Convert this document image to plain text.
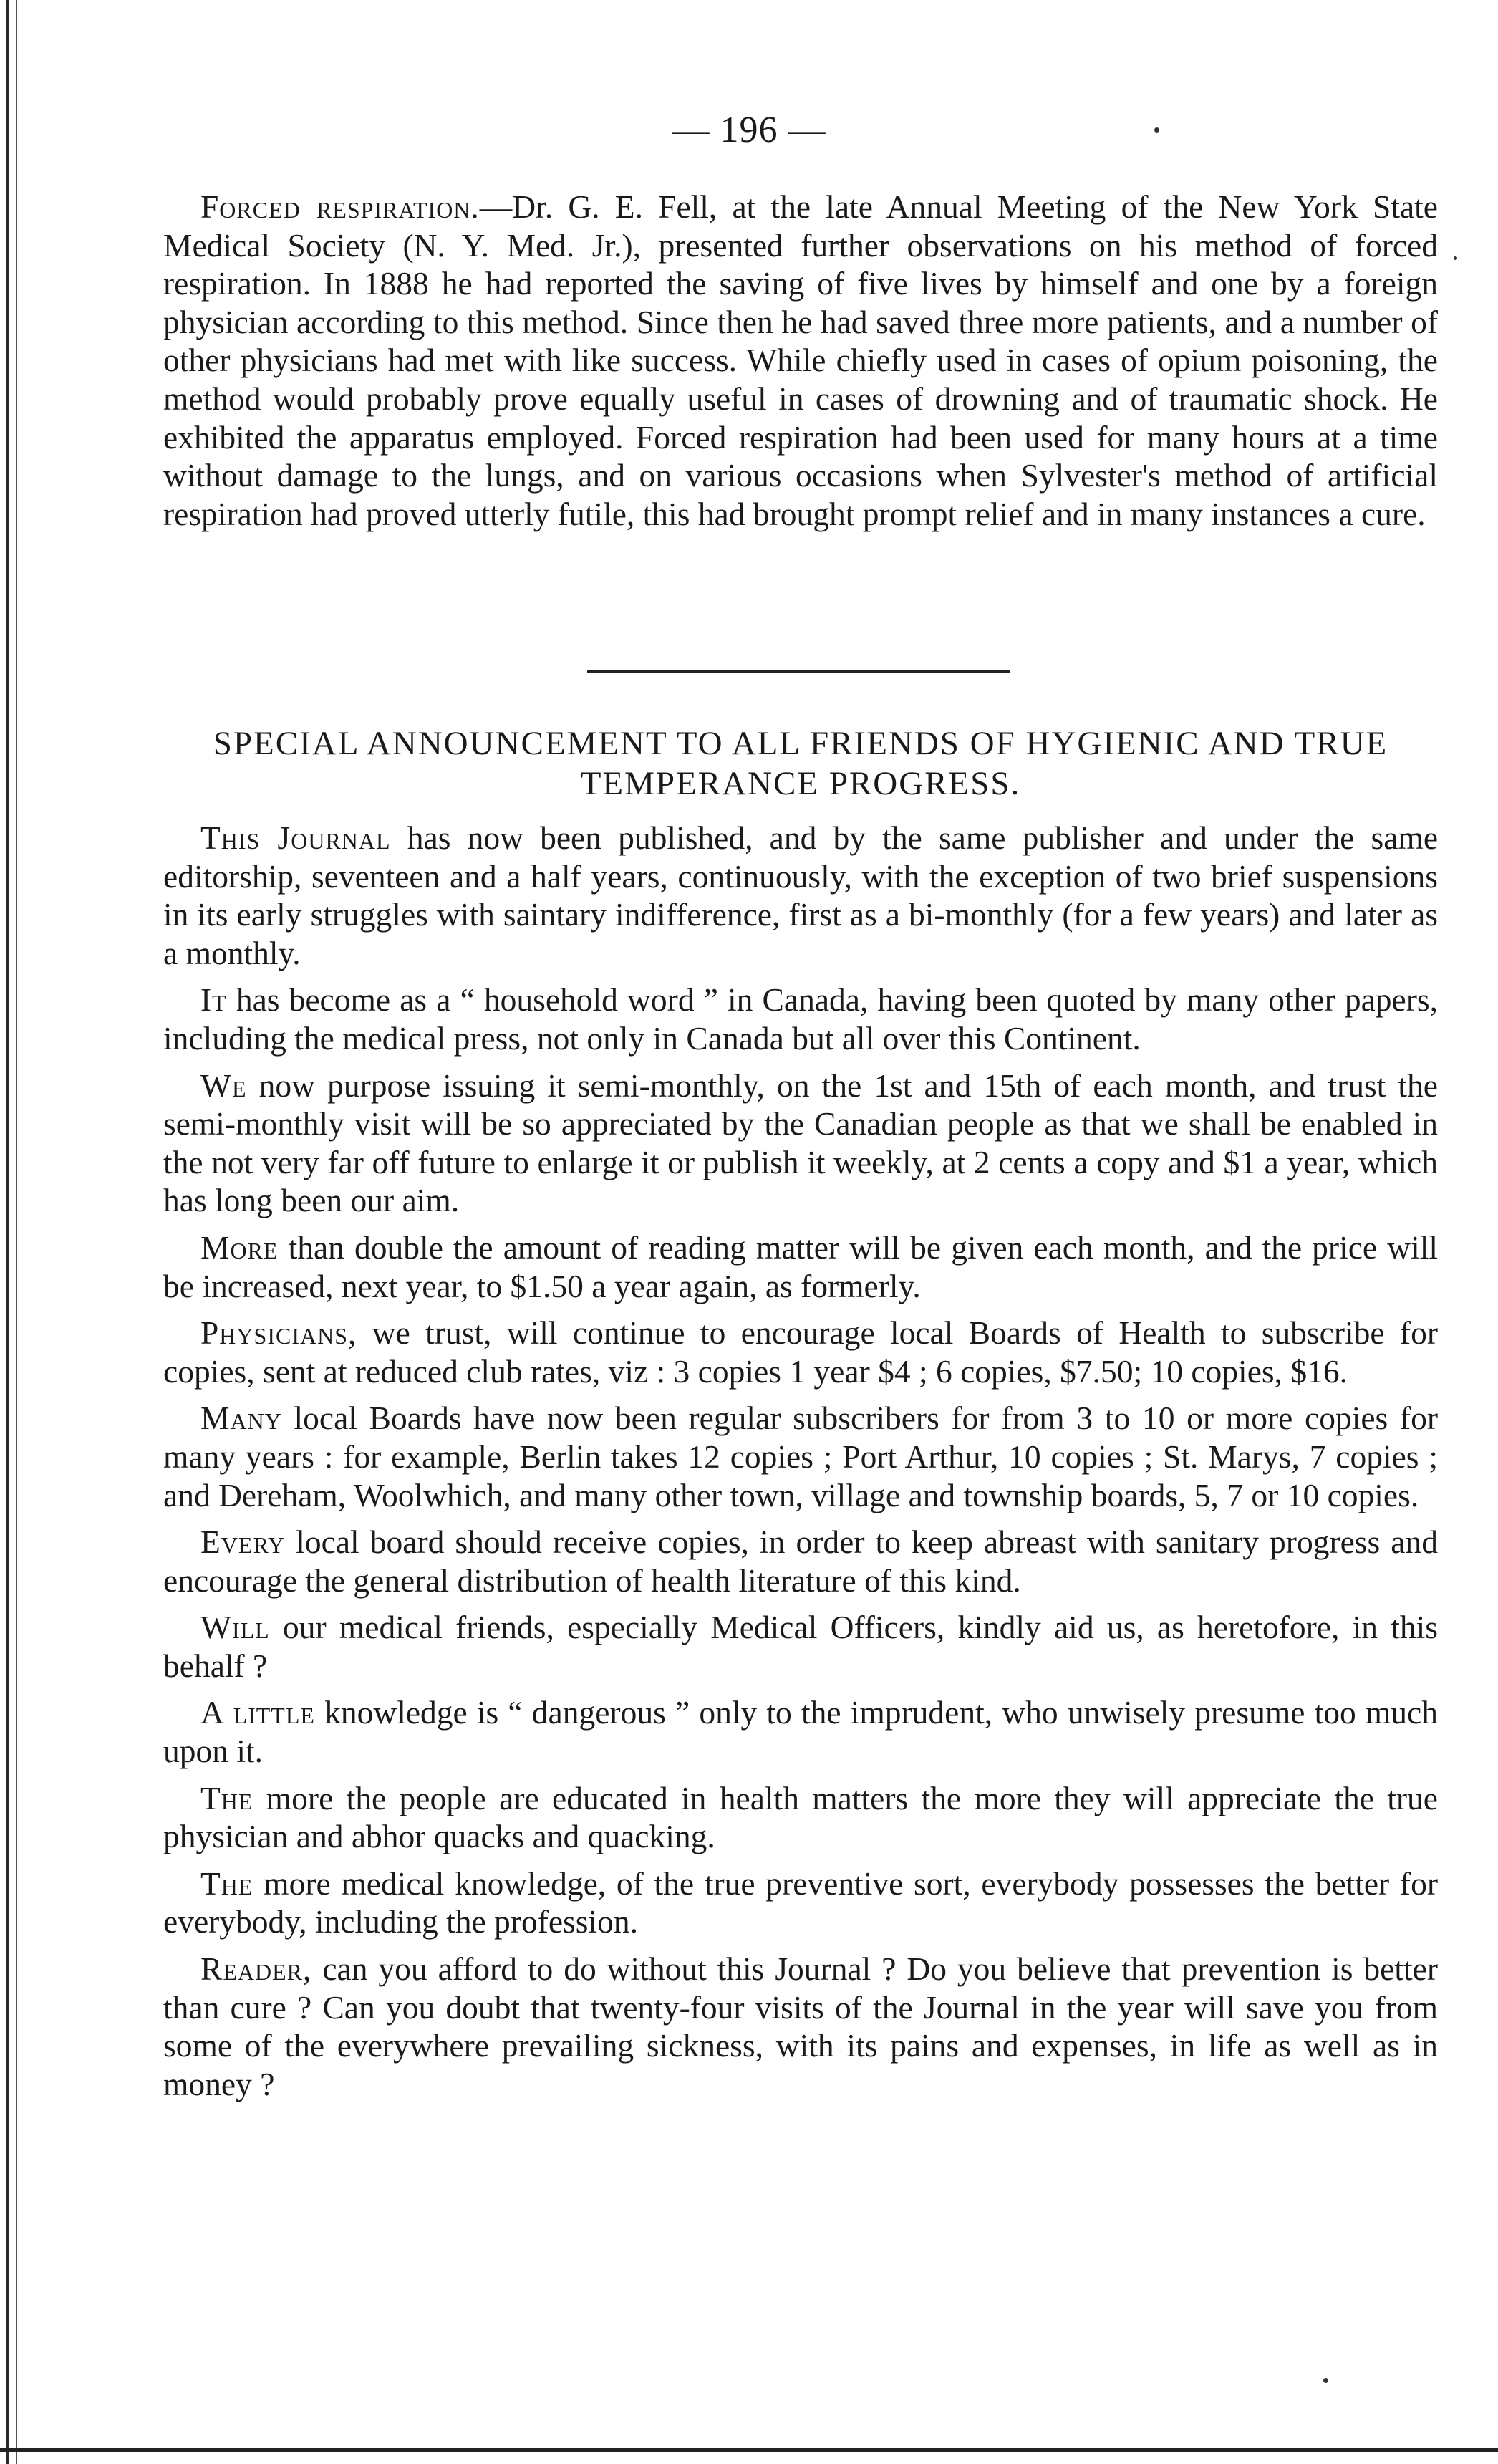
— 196 —

Forced respiration.—Dr. G. E. Fell, at the late Annual Meeting of the New York State Medical Society (N. Y. Med. Jr.), presented further observations on his method of forced respiration. In 1888 he had reported the saving of five lives by himself and one by a foreign physician according to this method. Since then he had saved three more patients, and a number of other physicians had met with like success. While chiefly used in cases of opium poisoning, the method would probably prove equally useful in cases of drowning and of traumatic shock. He exhibited the apparatus employed. Forced respiration had been used for many hours at a time without damage to the lungs, and on various occasions when Sylvester's method of artificial respiration had proved utterly futile, this had brought prompt relief and in many instances a cure.

SPECIAL ANNOUNCEMENT TO ALL FRIENDS OF HYGIENIC AND TRUE TEMPERANCE PROGRESS.

This Journal has now been published, and by the same publisher and under the same editorship, seventeen and a half years, continuously, with the exception of two brief suspensions in its early struggles with saintary indifference, first as a bi-monthly (for a few years) and later as a monthly.

It has become as a “ household word ” in Canada, having been quoted by many other papers, including the medical press, not only in Canada but all over this Continent.

We now purpose issuing it semi-monthly, on the 1st and 15th of each month, and trust the semi-monthly visit will be so appreciated by the Canadian people as that we shall be enabled in the not very far off future to enlarge it or publish it weekly, at 2 cents a copy and $1 a year, which has long been our aim.

More than double the amount of reading matter will be given each month, and the price will be increased, next year, to $1.50 a year again, as formerly.

Physicians, we trust, will continue to encourage local Boards of Health to subscribe for copies, sent at reduced club rates, viz : 3 copies 1 year $4 ; 6 copies, $7.50; 10 copies, $16.

Many local Boards have now been regular subscribers for from 3 to 10 or more copies for many years : for example, Berlin takes 12 copies ; Port Arthur, 10 copies ; St. Marys, 7 copies ; and Dereham, Woolwhich, and many other town, village and township boards, 5, 7 or 10 copies.

Every local board should receive copies, in order to keep abreast with sanitary progress and encourage the general distribution of health literature of this kind.

Will our medical friends, especially Medical Officers, kindly aid us, as heretofore, in this behalf ?

A little knowledge is “ dangerous ” only to the imprudent, who unwisely presume too much upon it.

The more the people are educated in health matters the more they will appreciate the true physician and abhor quacks and quacking.

The more medical knowledge, of the true preventive sort, everybody possesses the better for everybody, including the profession.

Reader, can you afford to do without this Journal ? Do you believe that prevention is better than cure ? Can you doubt that twenty-four visits of the Journal in the year will save you from some of the everywhere prevailing sickness, with its pains and expenses, in life as well as in money ?
